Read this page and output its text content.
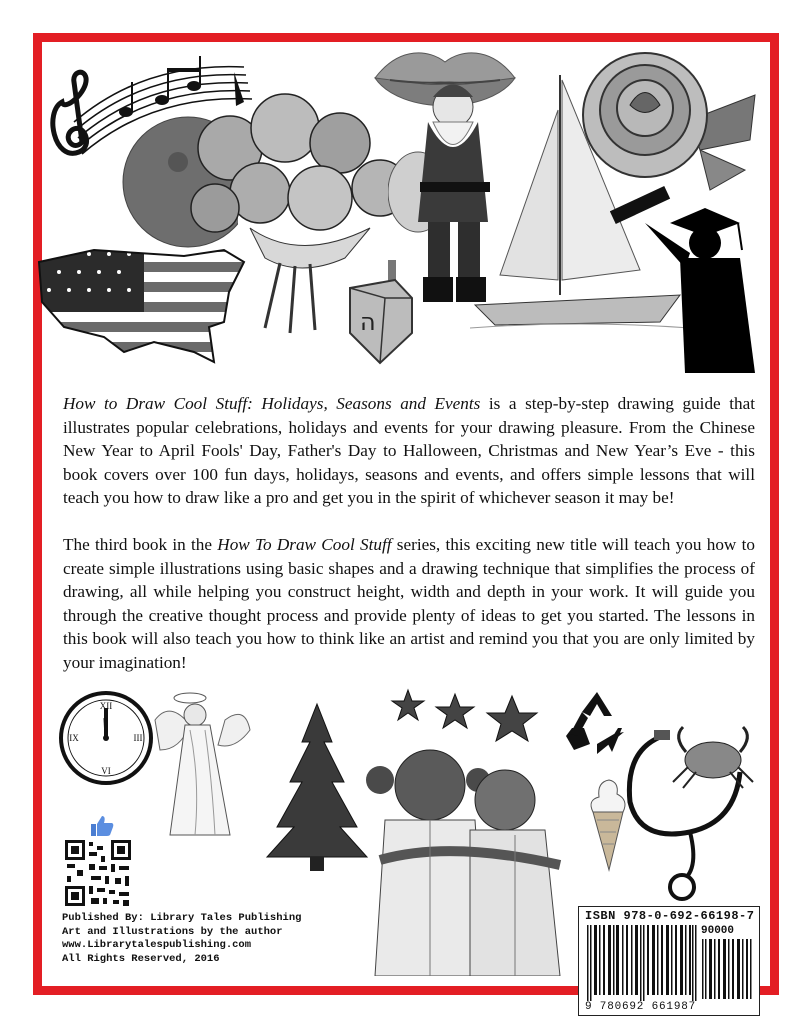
ה

How to Draw Cool Stuff: Holidays, Seasons and Events is a step-by-step drawing guide that illustrates popular celebrations, holidays and events for your drawing pleasure. From the Chinese New Year to April Fools' Day, Father's Day to Halloween, Christmas and New Year’s Eve - this book covers over 100 fun days, holidays, seasons and events, and offers simple lessons that will teach you how to draw like a pro and get you in the spirit of whichever season it may be!

The third book in the How To Draw Cool Stuff series, this exciting new title will teach you how to create simple illustrations using basic shapes and a drawing technique that simplifies the process of drawing, all while helping you construct height, width and depth in your work. It will guide you through the creative thought process and provide plenty of ideas to get you started. The lessons in this book will also teach you how to think like an artist and remind you that you are only limited by your imagination!

XII
III
VI
IX
Published By: Library Tales Publishing
Art and Illustrations by the author
www.Librarytalespublishing.com
All Rights Reserved, 2016
ISBN 978-0-692-66198-7
90000
9 780692 661987
